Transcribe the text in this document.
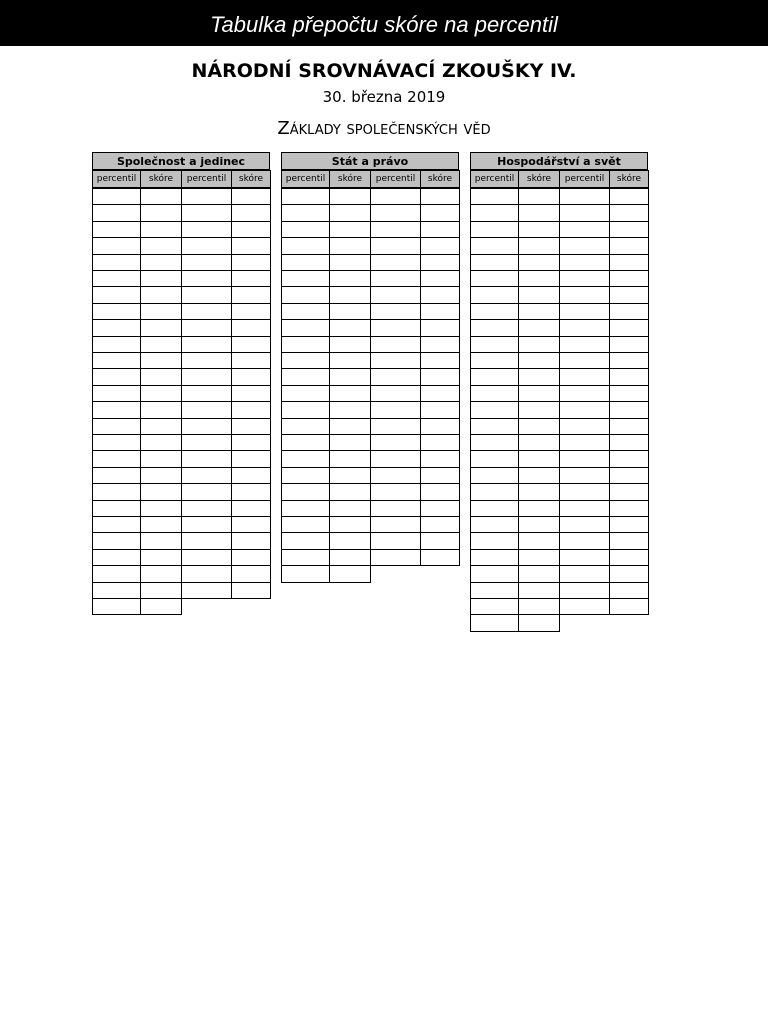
Tabulka přepočtu skóre na percentil
NÁRODNÍ SROVNÁVACÍ ZKOUŠKY IV.
30. března 2019
Základy společenských věd
Společnost a jedinec
percentil	skóre	percentil	skóre
Stát a právo
percentil	skóre	percentil	skóre
Hospodářství a svět
percentil	skóre	percentil	skóre
